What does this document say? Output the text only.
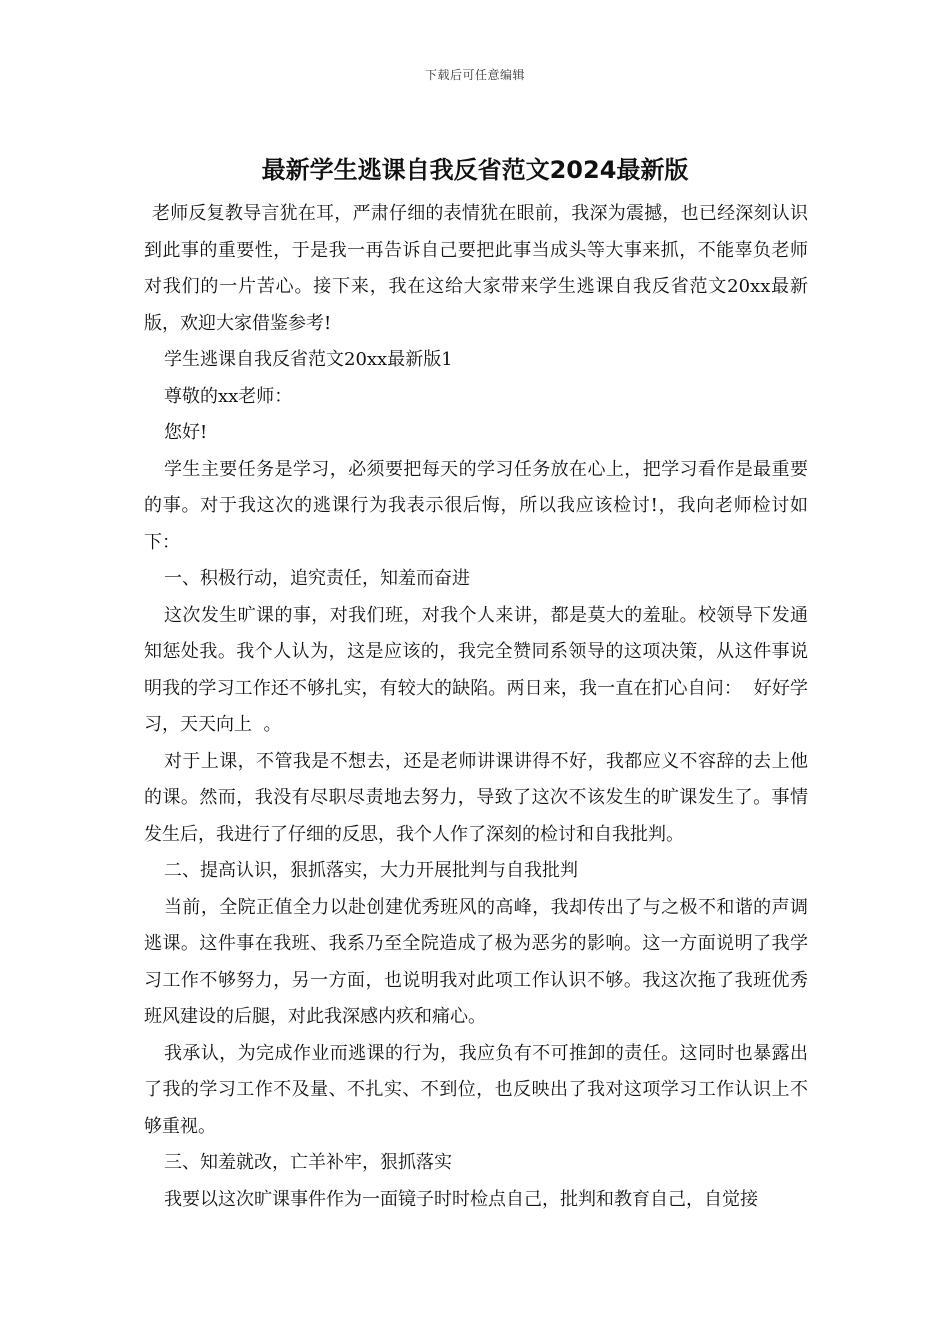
下载后可任意编辑
最新学生逃课自我反省范文2024最新版

老师反复教导言犹在耳，严肃仔细的表情犹在眼前，我深为震撼，也已经深刻认识到此事的重要性，于是我一再告诉自己要把此事当成头等大事来抓，不能辜负老师对我们的一片苦心。接下来，我在这给大家带来学生逃课自我反省范文20xx最新版，欢迎大家借鉴参考!

学生逃课自我反省范文20xx最新版1

尊敬的xx老师：

您好!

学生主要任务是学习，必须要把每天的学习任务放在心上，把学习看作是最重要的事。对于我这次的逃课行为我表示很后悔，所以我应该检讨!，我向老师检讨如下：

一、积极行动，追究责任，知羞而奋进

这次发生旷课的事，对我们班，对我个人来讲，都是莫大的羞耻。校领导下发通知惩处我。我个人认为，这是应该的，我完全赞同系领导的这项决策，从这件事说明我的学习工作还不够扎实，有较大的缺陷。两日来，我一直在扪心自问：  好好学习，天天向上  。

对于上课，不管我是不想去，还是老师讲课讲得不好，我都应义不容辞的去上他的课。然而，我没有尽职尽责地去努力，导致了这次不该发生的旷课发生了。事情发生后，我进行了仔细的反思，我个人作了深刻的检讨和自我批判。

二、提高认识，狠抓落实，大力开展批判与自我批判

当前，全院正值全力以赴创建优秀班风的高峰，我却传出了与之极不和谐的声调  逃课。这件事在我班、我系乃至全院造成了极为恶劣的影响。这一方面说明了我学习工作不够努力，另一方面，也说明我对此项工作认识不够。我这次拖了我班优秀班风建设的后腿，对此我深感内疚和痛心。

我承认，为完成作业而逃课的行为，我应负有不可推卸的责任。这同时也暴露出了我的学习工作不及量、不扎实、不到位，也反映出了我对这项学习工作认识上不够重视。

三、知羞就改，亡羊补牢，狠抓落实

我要以这次旷课事件作为一面镜子时时检点自己，批判和教育自己，自觉接
